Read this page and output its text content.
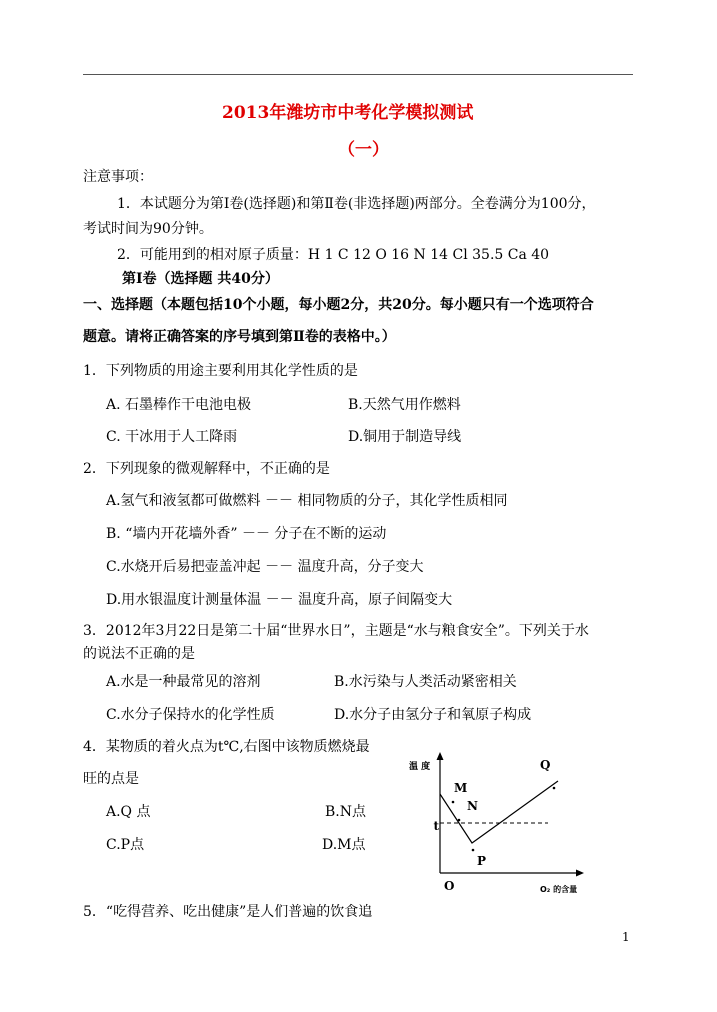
2013年潍坊市中考化学模拟测试
（一）
注意事项：
1．本试题分为第Ⅰ卷(选择题)和第Ⅱ卷(非选择题)两部分。全卷满分为100分，
考试时间为90分钟。
2．可能用到的相对原子质量：H 1 C 12 O 16 N 14 Cl 35.5 Ca 40
第Ⅰ卷（选择题 共40分）
一、选择题（本题包括10个小题，每小题2分，共20分。每小题只有一个选项符合
题意。请将正确答案的序号填到第Ⅱ卷的表格中。）
1．下列物质的用途主要利用其化学性质的是
A. 石墨棒作干电池电极	B.天然气用作燃料
C. 干冰用于人工降雨	D.铜用于制造导线
2．下列现象的微观解释中，不正确的是
A.氢气和液氢都可做燃料 －－ 相同物质的分子，其化学性质相同
B. “墙内开花墙外香” －－ 分子在不断的运动
C.水烧开后易把壶盖冲起 －－ 温度升高，分子变大
D.用水银温度计测量体温 －－ 温度升高，原子间隔变大
3．2012年3月22日是第二十届“世界水日”，主题是“水与粮食安全”。下列关于水
的说法不正确的是
A.水是一种最常见的溶剂	B.水污染与人类活动紧密相关
C.水分子保持水的化学性质	D.水分子由氢分子和氧原子构成
4．某物质的着火点为t℃,右图中该物质燃烧最
旺的点是
A.Q 点	B.N点
C.P点	D.M点
温 度
O₂ 的含量
O
t
M
N
P
Q
5．“吃得营养、吃出健康”是人们普遍的饮食追
1
